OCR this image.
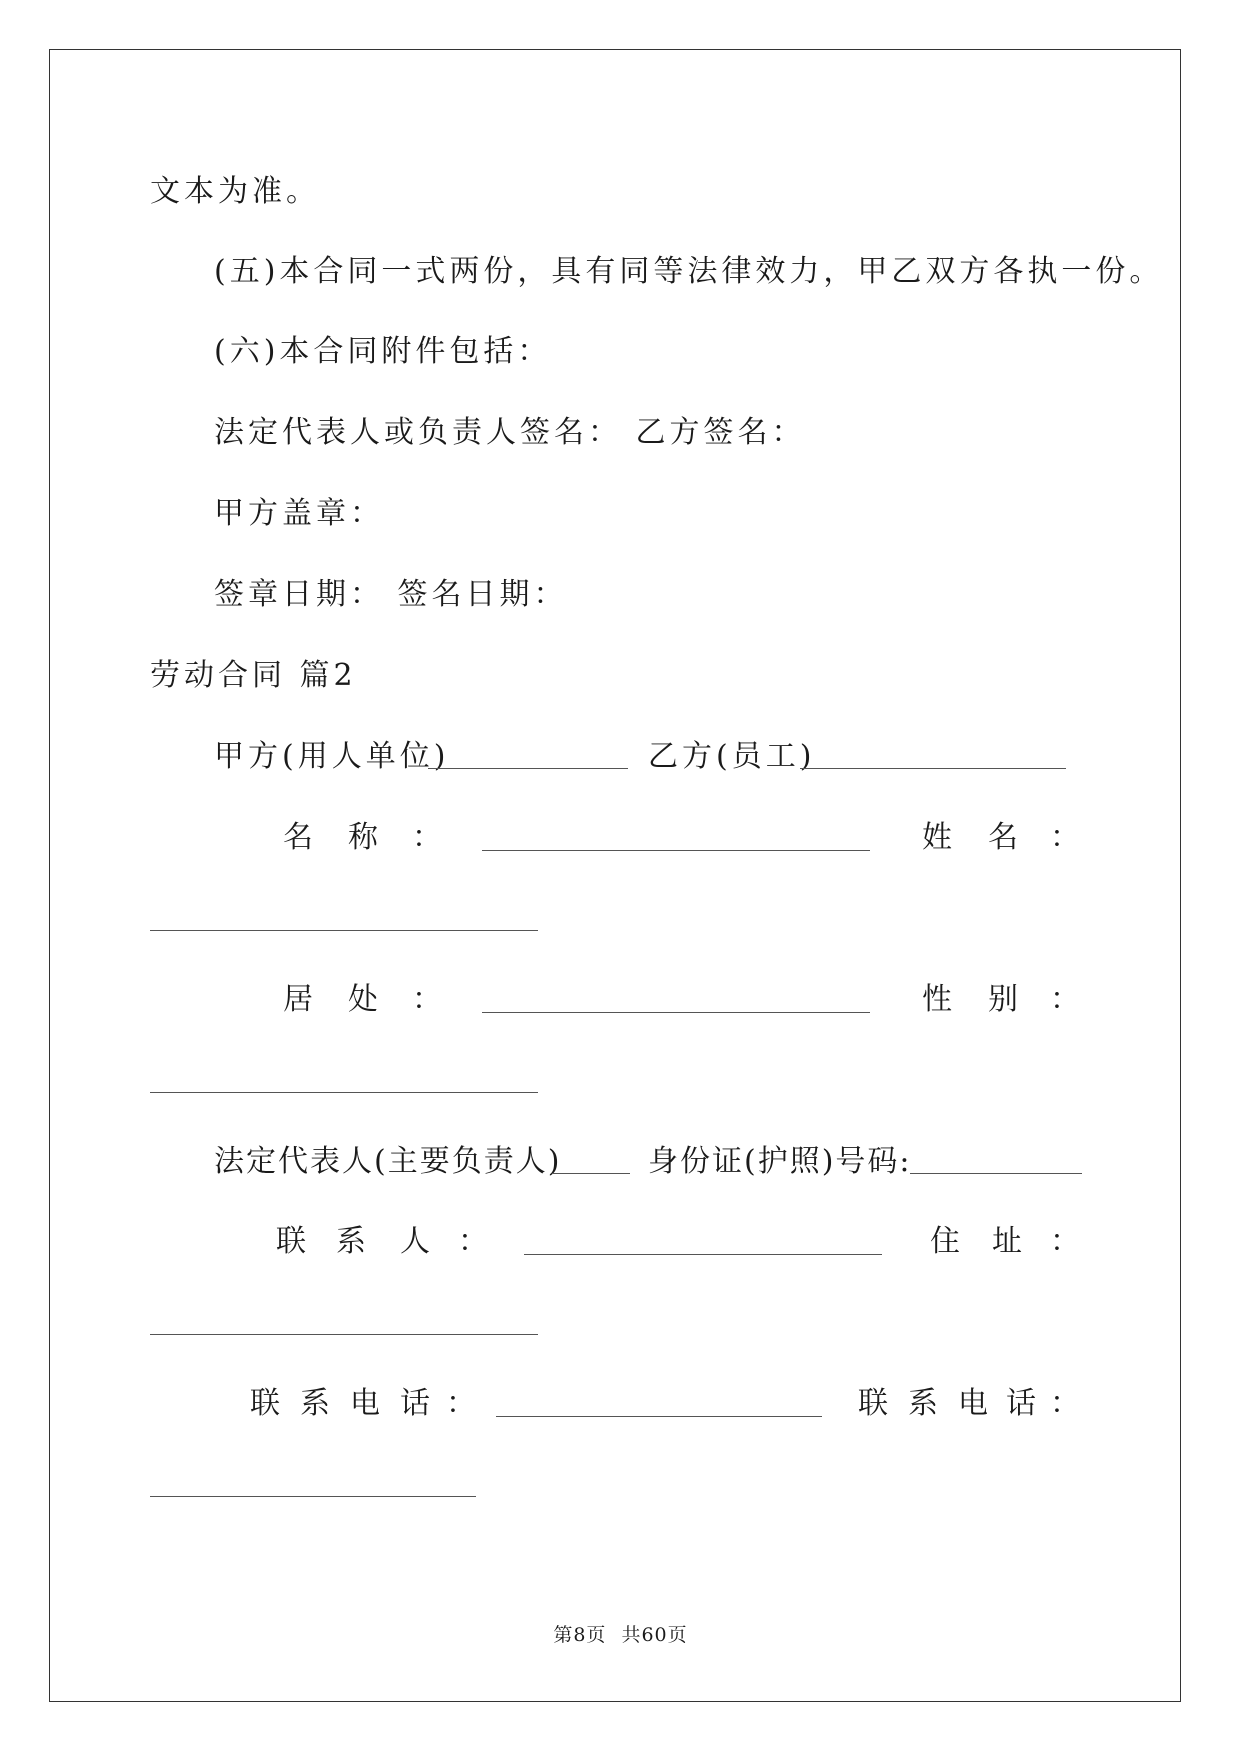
文本为准。
(五)本合同一式两份，具有同等法律效力，甲乙双方各执一份。
(六)本合同附件包括：
法定代表人或负责人签名： 乙方签名：
甲方盖章：
签章日期： 签名日期：
劳动合同 篇2
甲方(用人单位)	乙方(员工)
名 称 ：	姓 名 ：
居 处 ：	性 别 ：
法定代表人(主要负责人)	身份证(护照)号码:
联 系 人 ：	住 址 ：
联 系 电 话 ：	联 系 电 话 ：
第8页 共60页
